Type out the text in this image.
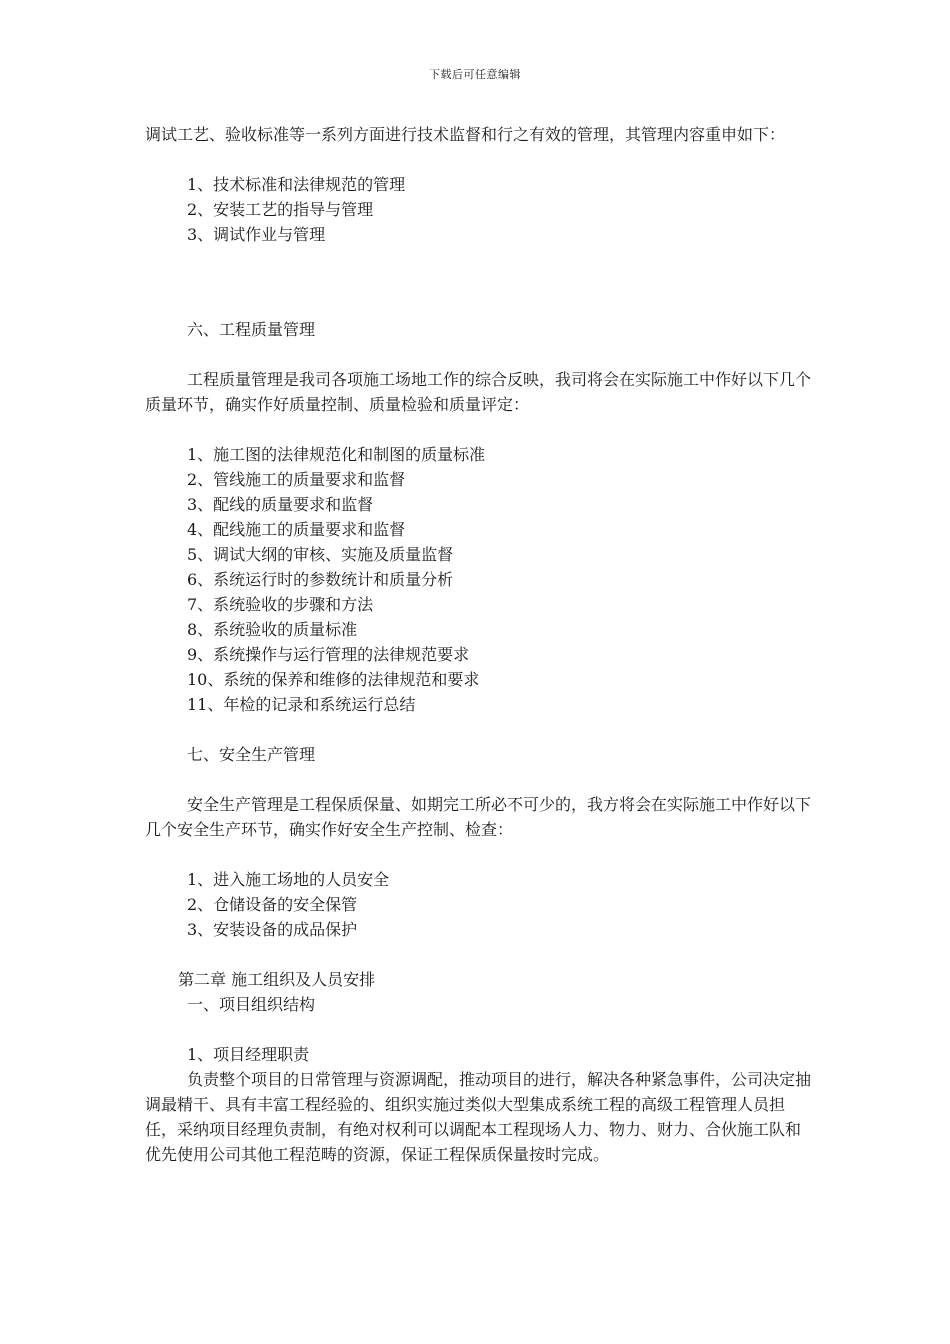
下载后可任意编辑

调试工艺、验收标准等一系列方面进行技术监督和行之有效的管理，其管理内容重申如下：

1、技术标准和法律规范的管理

2、安装工艺的指导与管理

3、调试作业与管理

六、工程质量管理

工程质量管理是我司各项施工场地工作的综合反映，我司将会在实际施工中作好以下几个质量环节，确实作好质量控制、质量检验和质量评定：

1、施工图的法律规范化和制图的质量标准

2、管线施工的质量要求和监督

3、配线的质量要求和监督

4、配线施工的质量要求和监督

5、调试大纲的审核、实施及质量监督

6、系统运行时的参数统计和质量分析

7、系统验收的步骤和方法

8、系统验收的质量标准

9、系统操作与运行管理的法律规范要求

10、系统的保养和维修的法律规范和要求

11、年检的记录和系统运行总结

七、安全生产管理

安全生产管理是工程保质保量、如期完工所必不可少的，我方将会在实际施工中作好以下几个安全生产环节，确实作好安全生产控制、检查：

1、进入施工场地的人员安全

2、仓储设备的安全保管

3、安装设备的成品保护

第二章 施工组织及人员安排

一、项目组织结构

1、项目经理职责

负责整个项目的日常管理与资源调配，推动项目的进行，解决各种紧急事件，公司决定抽调最精干、具有丰富工程经验的、组织实施过类似大型集成系统工程的高级工程管理人员担任，采纳项目经理负责制，有绝对权利可以调配本工程现场人力、物力、财力、合伙施工队和优先使用公司其他工程范畴的资源，保证工程保质保量按时完成。
